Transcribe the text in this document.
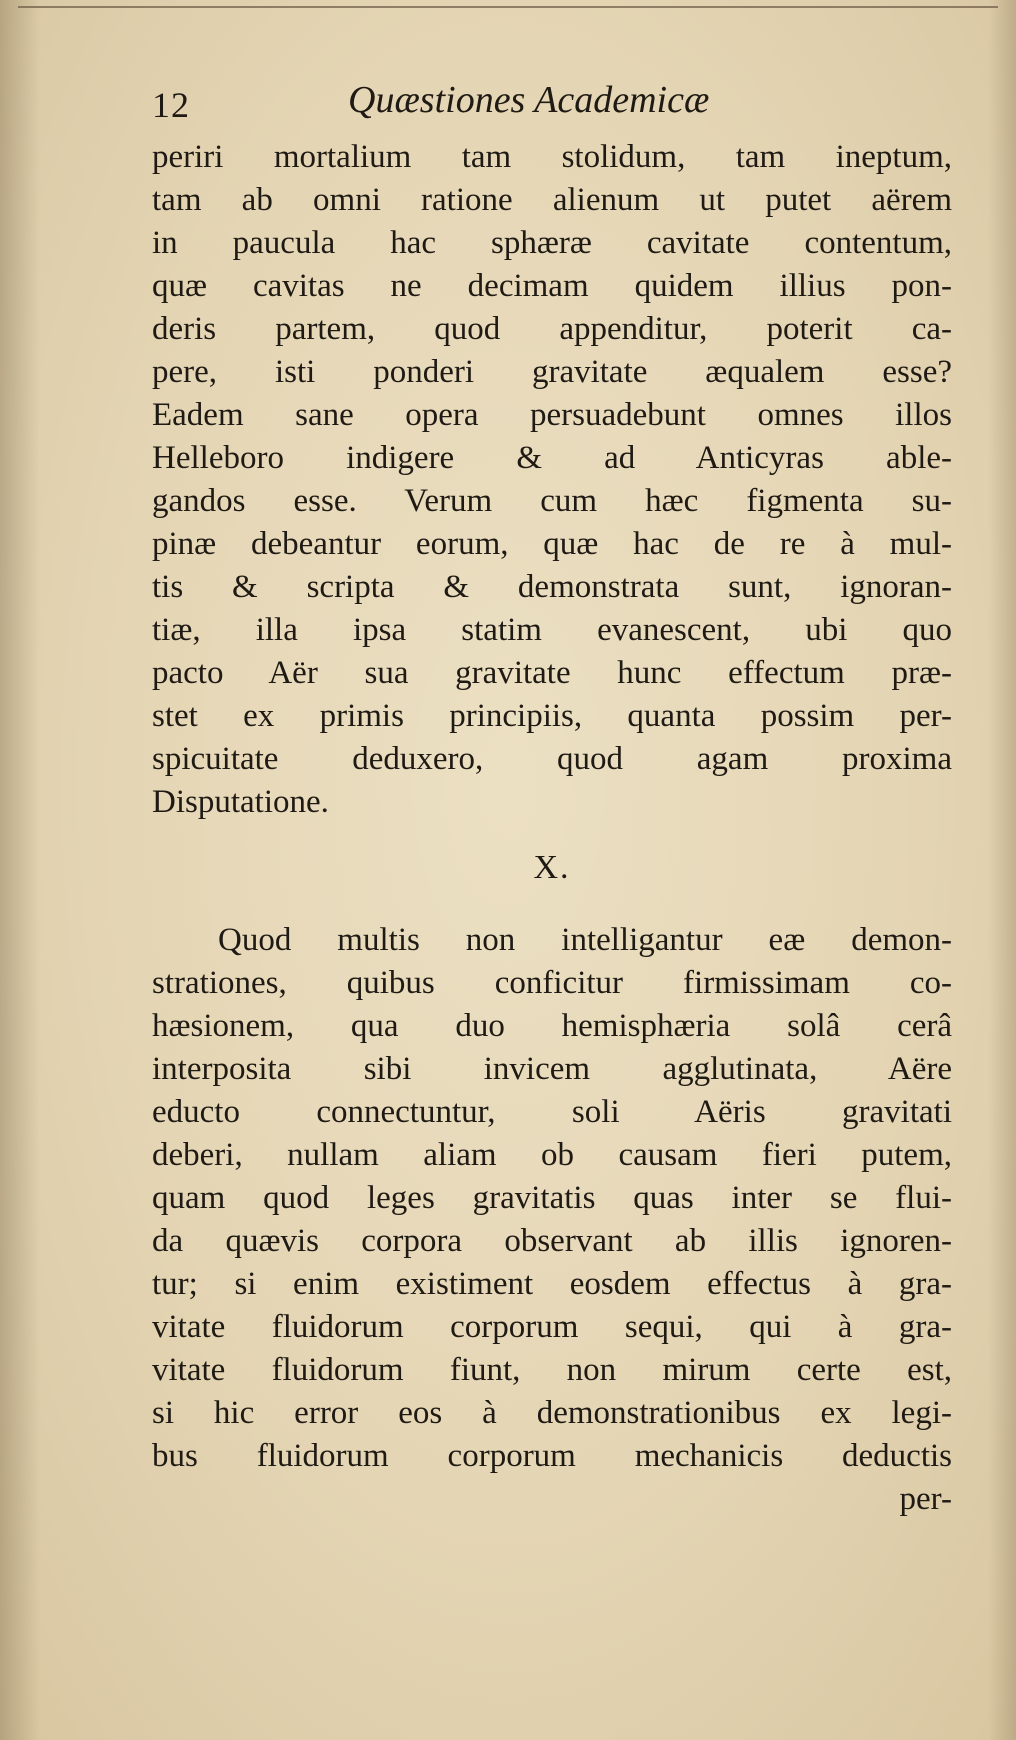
12	Quæstiones Academicæ
periri mortalium tam stolidum, tam ineptum,
tam ab omni ratione alienum ut putet aërem
in paucula hac sphæræ cavitate contentum,
quæ cavitas ne decimam quidem illius pon-
deris partem, quod appenditur, poterit ca-
pere, isti ponderi gravitate æqualem esse?
Eadem sane opera persuadebunt omnes illos
Helleboro indigere & ad Anticyras able-
gandos esse. Verum cum hæc figmenta su-
pinæ debeantur eorum, quæ hac de re à mul-
tis & scripta & demonstrata sunt, ignoran-
tiæ, illa ipsa statim evanescent, ubi quo
pacto Aër sua gravitate hunc effectum præ-
stet ex primis principiis, quanta possim per-
spicuitate deduxero, quod agam proxima
Disputatione.
X.
Quod multis non intelligantur eæ demon-
strationes, quibus conficitur firmissimam co-
hæsionem, qua duo hemisphæria solâ cerâ
interposita sibi invicem agglutinata, Aëre
educto connectuntur, soli Aëris gravitati
deberi, nullam aliam ob causam fieri putem,
quam quod leges gravitatis quas inter se flui-
da quævis corpora observant ab illis ignoren-
tur; si enim existiment eosdem effectus à gra-
vitate fluidorum corporum sequi, qui à gra-
vitate fluidorum fiunt, non mirum certe est,
si hic error eos à demonstrationibus ex legi-
bus fluidorum corporum mechanicis deductis
per-
